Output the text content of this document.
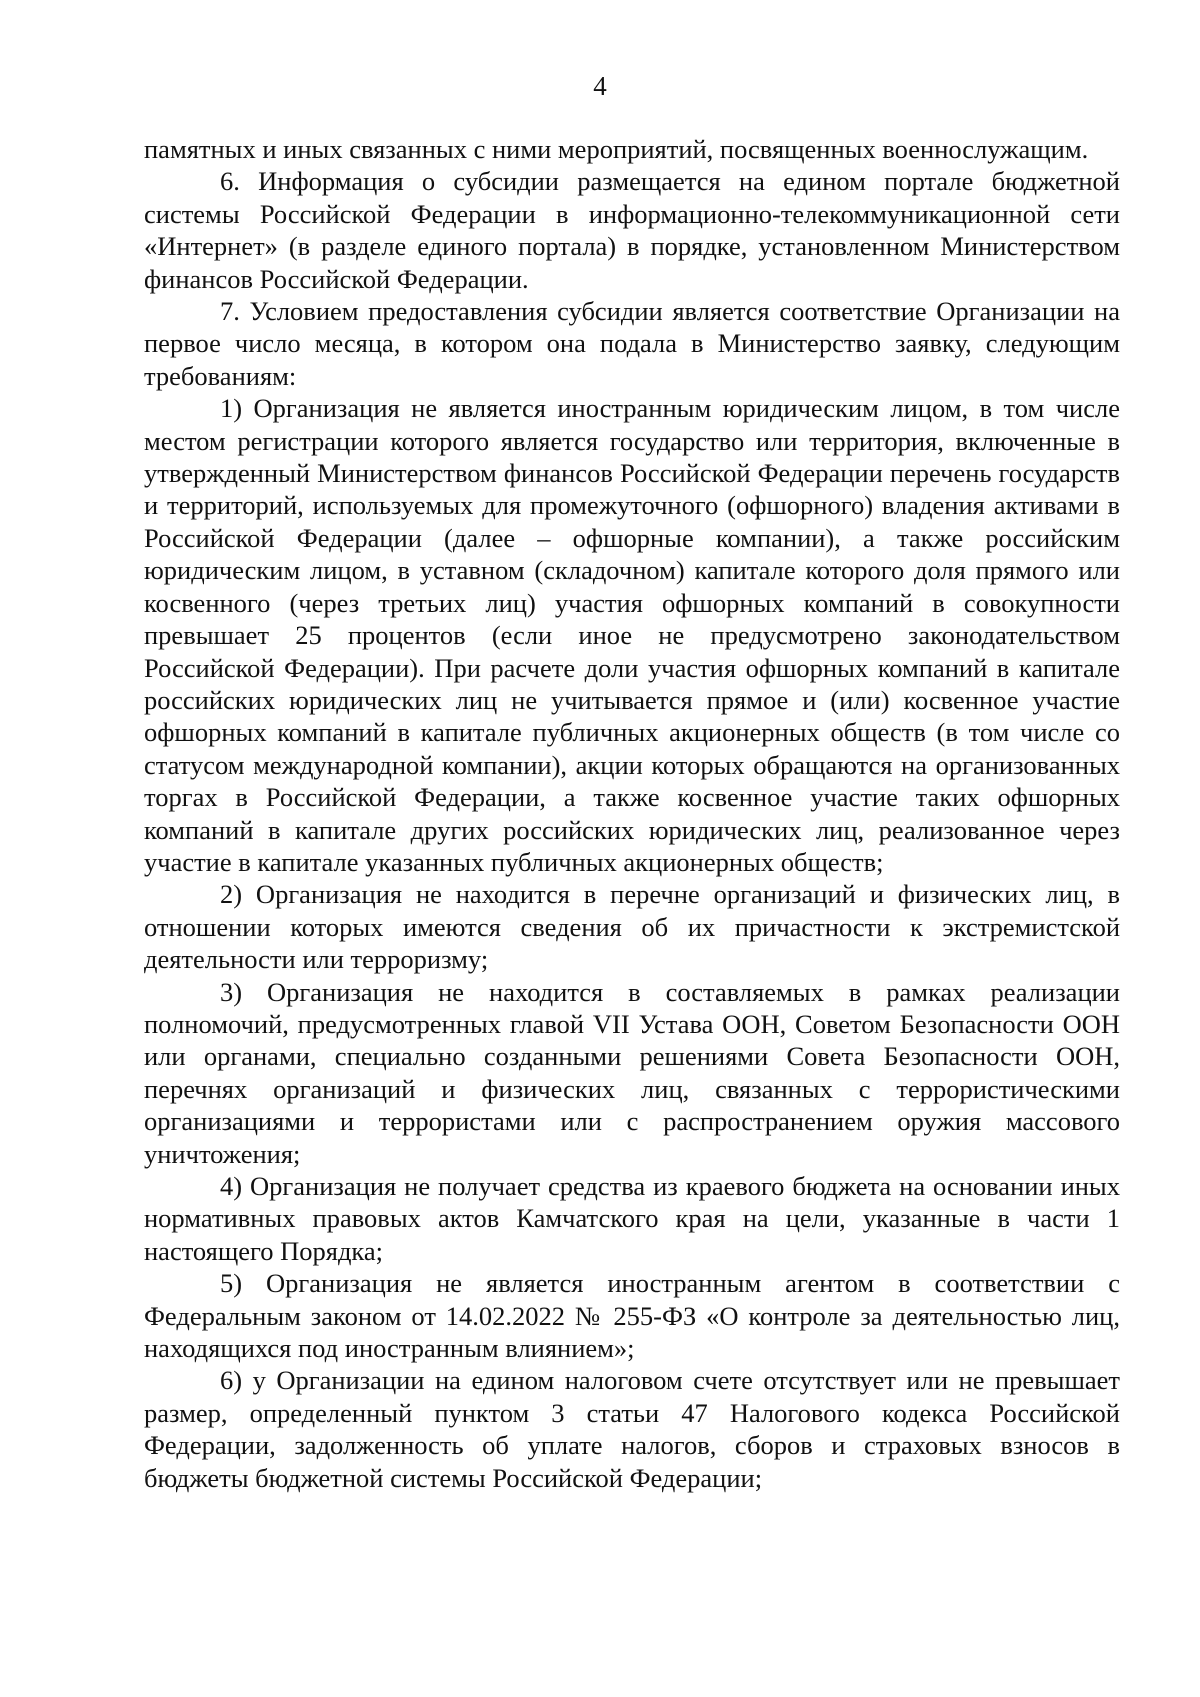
4

памятных и иных связанных с ними мероприятий, посвященных военнослужащим.

6. Информация о субсидии размещается на едином портале бюджетной системы Российской Федерации в информационно-телекоммуникационной сети «Интернет» (в разделе единого портала) в порядке, установленном Министерством финансов Российской Федерации.

7. Условием предоставления субсидии является соответствие Организации на первое число месяца, в котором она подала в Министерство заявку, следующим требованиям:

1) Организация не является иностранным юридическим лицом, в том числе местом регистрации которого является государство или территория, включенные в утвержденный Министерством финансов Российской Федерации перечень государств и территорий, используемых для промежуточного (офшорного) владения активами в Российской Федерации (далее – офшорные компании), а также российским юридическим лицом, в уставном (складочном) капитале которого доля прямого или косвенного (через третьих лиц) участия офшорных компаний в совокупности превышает 25 процентов (если иное не предусмотрено законодательством Российской Федерации). При расчете доли участия офшорных компаний в капитале российских юридических лиц не учитывается прямое и (или) косвенное участие офшорных компаний в капитале публичных акционерных обществ (в том числе со статусом международной компании), акции которых обращаются на организованных торгах в Российской Федерации, а также косвенное участие таких офшорных компаний в капитале других российских юридических лиц, реализованное через участие в капитале указанных публичных акционерных обществ;

2) Организация не находится в перечне организаций и физических лиц, в отношении которых имеются сведения об их причастности к экстремистской деятельности или терроризму;

3) Организация не находится в составляемых в рамках реализации полномочий, предусмотренных главой VII Устава ООН, Советом Безопасности ООН или органами, специально созданными решениями Совета Безопасности ООН, перечнях организаций и физических лиц, связанных с террористическими организациями и террористами или с распространением оружия массового уничтожения;

4) Организация не получает средства из краевого бюджета на основании иных нормативных правовых актов Камчатского края на цели, указанные в части 1 настоящего Порядка;

5) Организация не является иностранным агентом в соответствии с Федеральным законом от 14.02.2022 № 255-ФЗ «О контроле за деятельностью лиц, находящихся под иностранным влиянием»;

6) у Организации на едином налоговом счете отсутствует или не превышает размер, определенный пунктом 3 статьи 47 Налогового кодекса Российской Федерации, задолженность об уплате налогов, сборов и страховых взносов в бюджеты бюджетной системы Российской Федерации;
